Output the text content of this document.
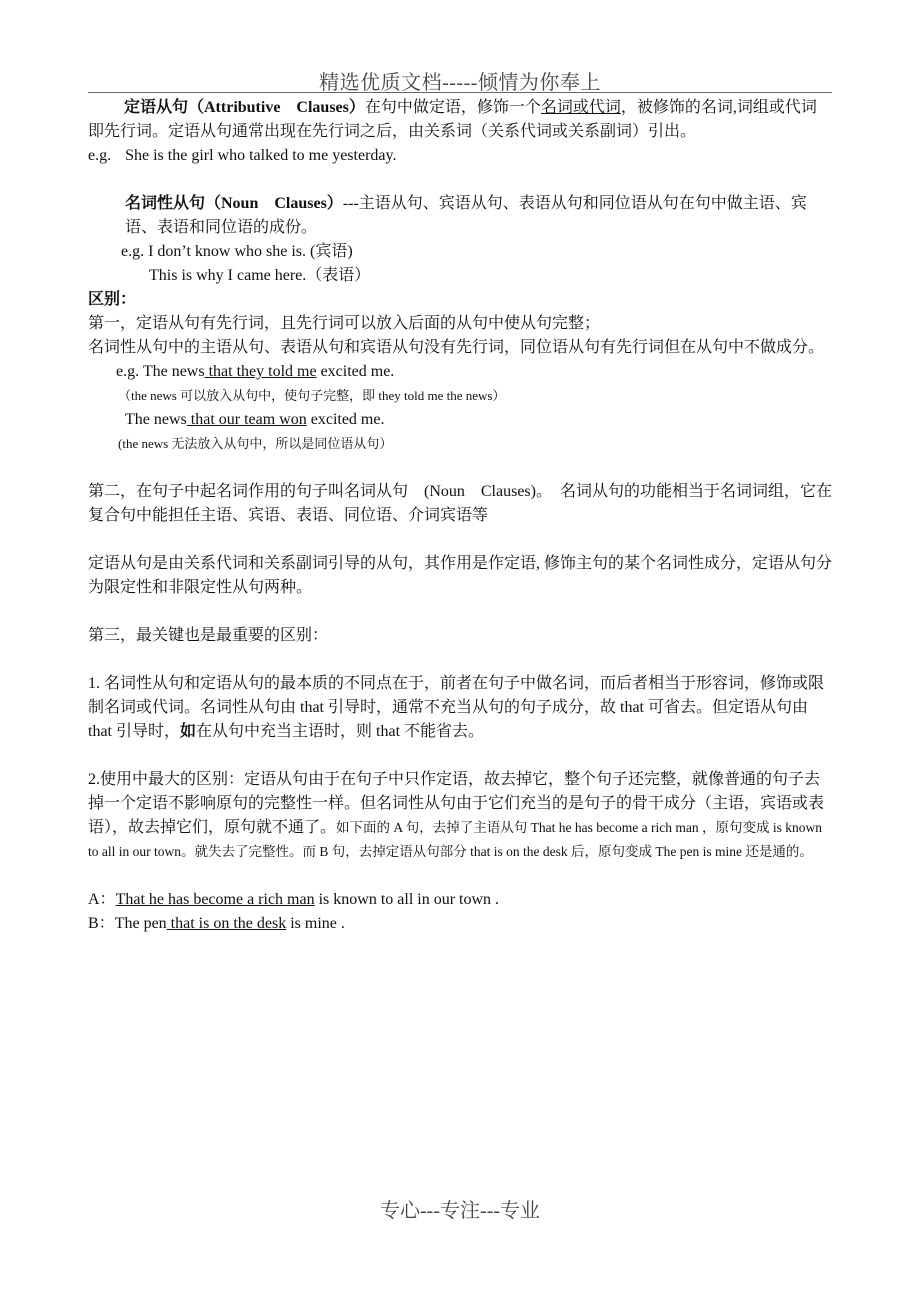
精选优质文档-----倾情为你奉上

定语从句（Attributive　Clauses）在句中做定语，修饰一个名词或代词，被修饰的名词,词组或代词即先行词。定语从句通常出现在先行词之后，由关系词（关系代词或关系副词）引出。

e.g. She is the girl who talked to me yesterday.

名词性从句（Noun　Clauses）---主语从句、宾语从句、表语从句和同位语从句在句中做主语、宾语、表语和同位语的成份。

e.g. I don’t know who she is. (宾语)

This is why I came here.（表语）

区别：

第一，定语从句有先行词，且先行词可以放入后面的从句中使从句完整；

名词性从句中的主语从句、表语从句和宾语从句没有先行词，同位语从句有先行词但在从句中不做成分。

e.g. The news that they told me excited me.

（the news 可以放入从句中，使句子完整，即 they told me the news）

The news that our team won excited me.

(the news 无法放入从句中，所以是同位语从句）

第二，在句子中起名词作用的句子叫名词从句　(Noun　Clauses)。　名词从句的功能相当于名词词组，它在复合句中能担任主语、宾语、表语、同位语、介词宾语等

定语从句是由关系代词和关系副词引导的从句，其作用是作定语, 修饰主句的某个名词性成分，定语从句分为限定性和非限定性从句两种。

第三，最关键也是最重要的区别：

1. 名词性从句和定语从句的最本质的不同点在于，前者在句子中做名词，而后者相当于形容词，修饰或限制名词或代词。名词性从句由 that 引导时，通常不充当从句的句子成分，故 that 可省去。但定语从句由 that 引导时，如在从句中充当主语时，则 that 不能省去。

2.使用中最大的区别：定语从句由于在句子中只作定语，故去掉它，整个句子还完整，就像普通的句子去掉一个定语不影响原句的完整性一样。但名词性从句由于它们充当的是句子的骨干成分（主语，宾语或表语），故去掉它们，原句就不通了。如下面的 A 句，去掉了主语从句 That he has become a rich man ，原句变成 is known to all in our town。就失去了完整性。而 B 句，去掉定语从句部分 that is on the desk 后，原句变成 The pen is mine 还是通的。

A：That he has become a rich man is known to all in our town .

B：The pen that is on the desk is mine .

专心---专注---专业
